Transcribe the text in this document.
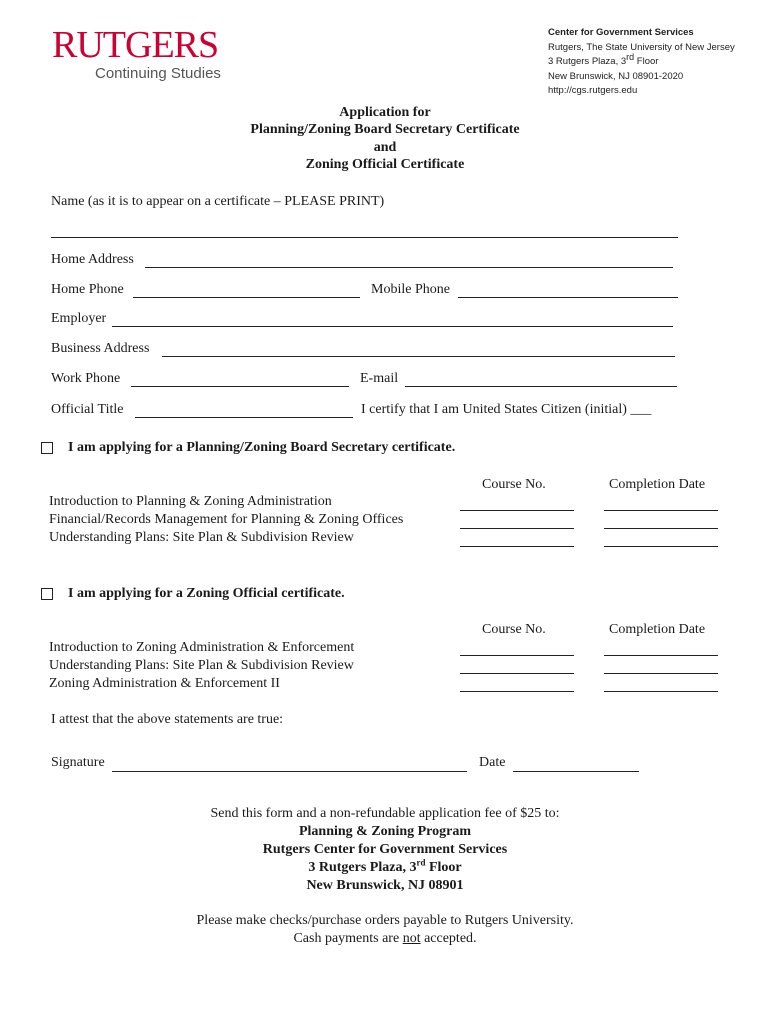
RUTGERS
Continuing Studies
Center for Government Services
Rutgers, The State University of New Jersey
3 Rutgers Plaza, 3rd Floor
New Brunswick, NJ 08901-2020
http://cgs.rutgers.edu
Application for
Planning/Zoning Board Secretary Certificate
and
Zoning Official Certificate
Name (as it is to appear on a certificate – PLEASE PRINT)
Home Address
Home Phone	Mobile Phone
Employer
Business Address
Work Phone	E-mail
Official Title	I certify that I am United States Citizen (initial) ___
I am applying for a Planning/Zoning Board Secretary certificate.
Course No.	Completion Date
Introduction to Planning & Zoning Administration
Financial/Records Management for Planning & Zoning Offices
Understanding Plans: Site Plan & Subdivision Review
I am applying for a Zoning Official certificate.
Course No.	Completion Date
Introduction to Zoning Administration & Enforcement
Understanding Plans: Site Plan & Subdivision Review
Zoning Administration & Enforcement II
I attest that the above statements are true:
Signature	Date
Send this form and a non-refundable application fee of $25 to:
Planning & Zoning Program
Rutgers Center for Government Services
3 Rutgers Plaza, 3rd Floor
New Brunswick, NJ 08901
Please make checks/purchase orders payable to Rutgers University.
Cash payments are not accepted.
